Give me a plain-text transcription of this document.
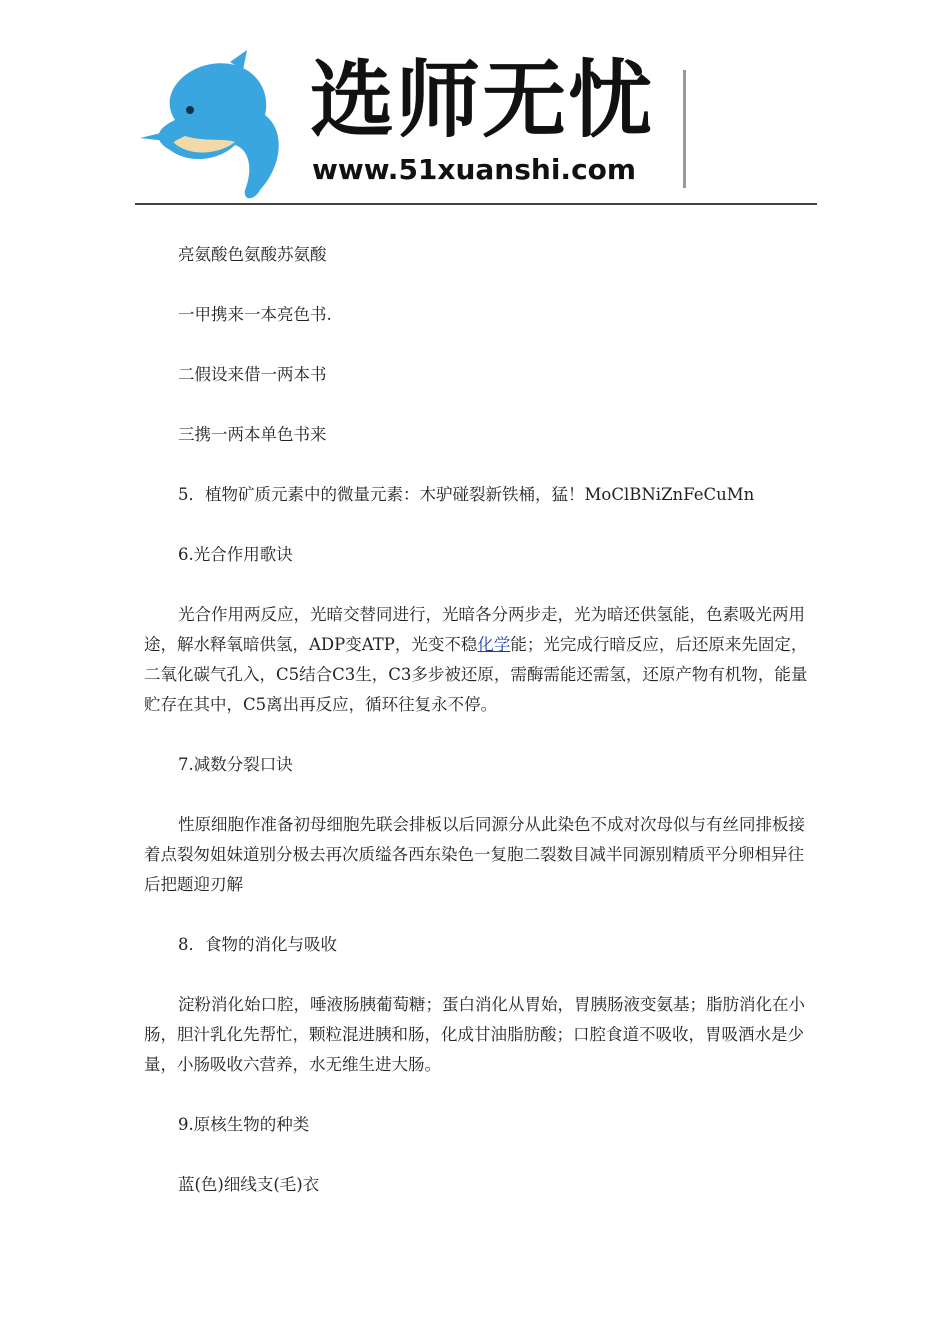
选师无忧
www.51xuanshi.com

亮氨酸色氨酸苏氨酸

一甲携来一本亮色书.

二假设来借一两本书

三携一两本单色书来

5．植物矿质元素中的微量元素：木驴碰裂新铁桶，猛！MoClBNiZnFeCuMn

6.光合作用歌诀

光合作用两反应，光暗交替同进行，光暗各分两步走，光为暗还供氢能，色素吸光两用途，解水释氧暗供氢，ADP变ATP，光变不稳化学能；光完成行暗反应，后还原来先固定，二氧化碳气孔入，C5结合C3生，C3多步被还原，需酶需能还需氢，还原产物有机物，能量贮存在其中，C5离出再反应，循环往复永不停。

7.减数分裂口诀

性原细胞作准备初母细胞先联会排板以后同源分从此染色不成对次母似与有丝同排板接着点裂匆姐妹道别分极去再次质缢各西东染色一复胞二裂数目减半同源别精质平分卵相异往后把题迎刃解

8．食物的消化与吸收

淀粉消化始口腔，唾液肠胰葡萄糖；蛋白消化从胃始，胃胰肠液变氨基；脂肪消化在小肠，胆汁乳化先帮忙，颗粒混进胰和肠，化成甘油脂肪酸；口腔食道不吸收，胃吸酒水是少量，小肠吸收六营养，水无维生进大肠。

9.原核生物的种类

蓝(色)细线支(毛)衣
